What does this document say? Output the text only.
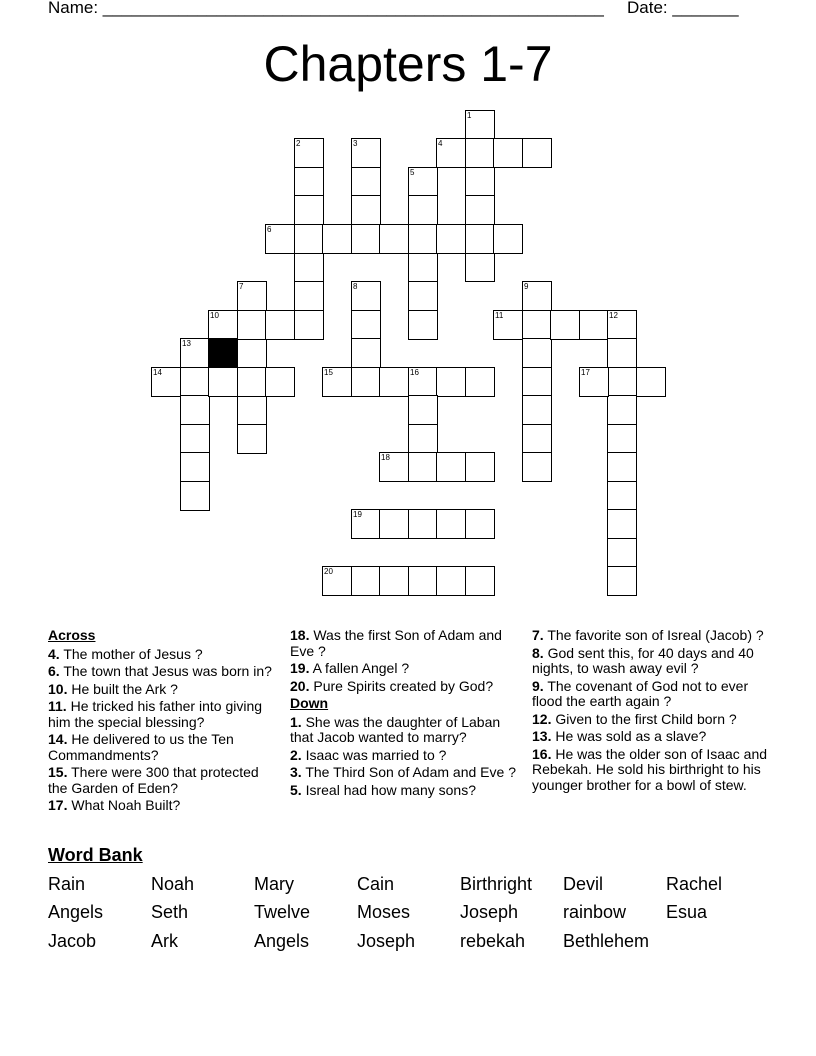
Name: _____________________________________________________ Date: _______
Chapters 1-7
1
4
2	3
5
6
7
10
8	9
11	12
17
13
14	15	16
18
19
20
Across
4. The mother of Jesus ?
6. The town that Jesus was born in?
10. He built the Ark ?
11. He tricked his father into giving him the special blessing?
14. He delivered to us the Ten Commandments?
15. There were 300 that protected the Garden of Eden?
17. What Noah Built?
18. Was the first Son of Adam and Eve ?
19. A fallen Angel ?
20. Pure Spirits created by God?
Down
1. She was the daughter of Laban that Jacob wanted to marry?
2. Isaac was married to ?
3. The Third Son of Adam and Eve ?
5. Isreal had how many sons?
7. The favorite son of Isreal (Jacob) ?
8. God sent this, for 40 days and 40 nights, to wash away evil ?
9. The covenant of God not to ever flood the earth again ?
12. Given to the first Child born ?
13. He was sold as a slave?
16. He was the older son of Isaac and Rebekah. He sold his birthright to his younger brother for a bowl of stew.
Word Bank
Rain	Noah	Mary	Cain	Birthright Devil	Rachel
Angels	Seth	Twelve	Moses	Joseph rainbow Esua
Jacob	Ark	Angels	Joseph rebekah Bethlehem
